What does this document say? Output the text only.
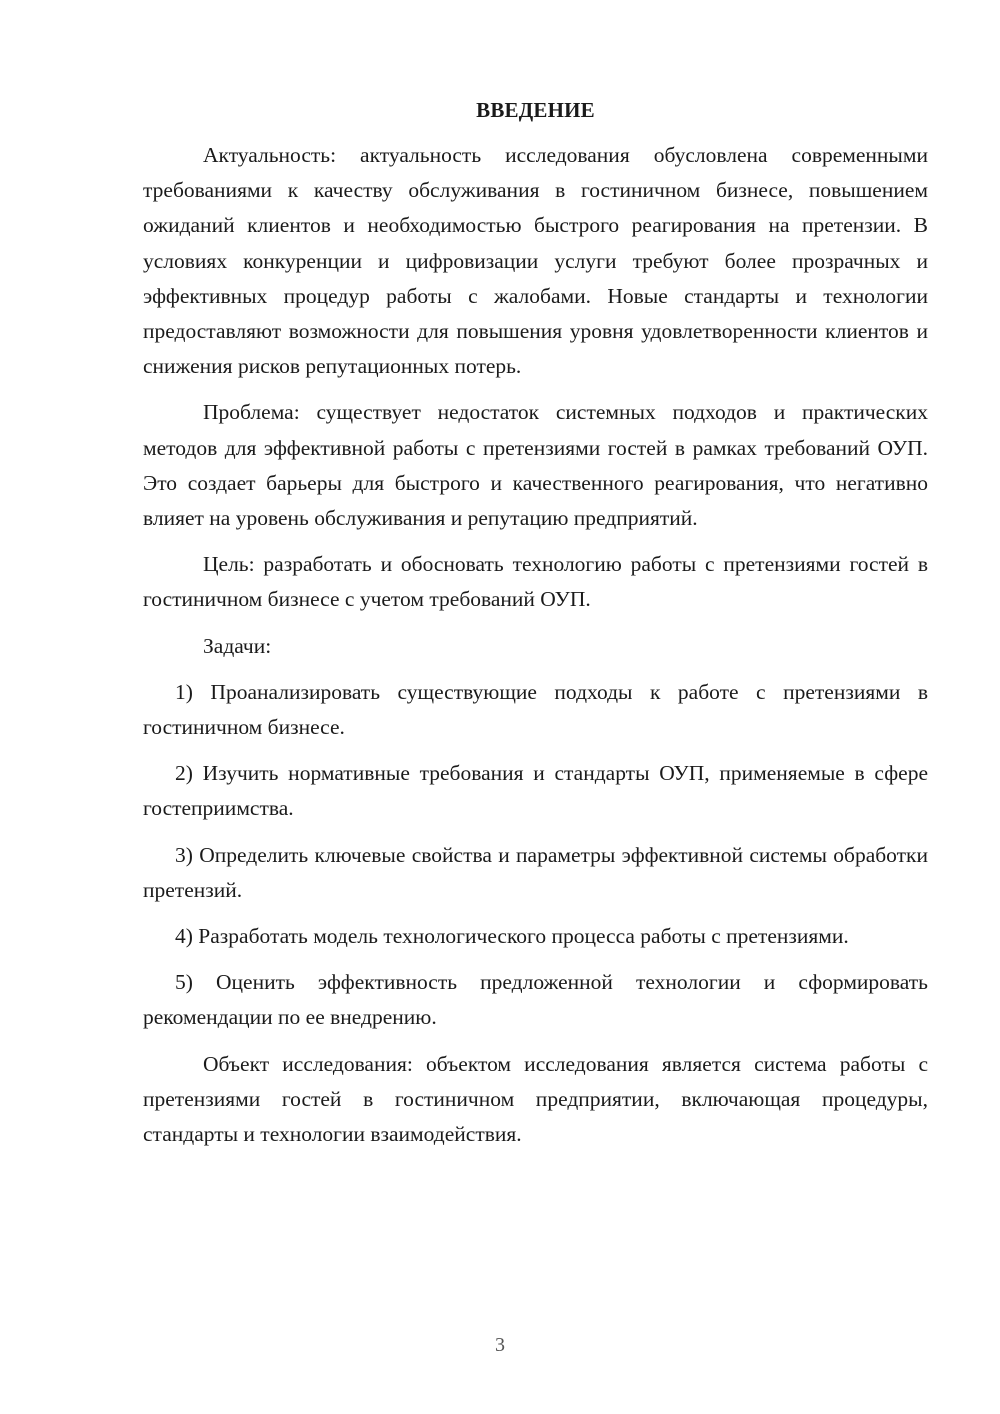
ВВЕДЕНИЕ

Актуальность: актуальность исследования обусловлена современными требованиями к качеству обслуживания в гостиничном бизнесе, повышением ожиданий клиентов и необходимостью быстрого реагирования на претензии. В условиях конкуренции и цифровизации услуги требуют более прозрачных и эффективных процедур работы с жалобами. Новые стандарты и технологии предоставляют возможности для повышения уровня удовлетворенности клиентов и снижения рисков репутационных потерь.

Проблема: существует недостаток системных подходов и практических методов для эффективной работы с претензиями гостей в рамках требований ОУП. Это создает барьеры для быстрого и качественного реагирования, что негативно влияет на уровень обслуживания и репутацию предприятий.

Цель: разработать и обосновать технологию работы с претензиями гостей в гостиничном бизнесе с учетом требований ОУП.

Задачи:

1) Проанализировать существующие подходы к работе с претензиями в гостиничном бизнесе.

2) Изучить нормативные требования и стандарты ОУП, применяемые в сфере гостеприимства.

3) Определить ключевые свойства и параметры эффективной системы обработки претензий.

4) Разработать модель технологического процесса работы с претензиями.

5) Оценить эффективность предложенной технологии и сформировать рекомендации по ее внедрению.

Объект исследования: объектом исследования является система работы с претензиями гостей в гостиничном предприятии, включающая процедуры, стандарты и технологии взаимодействия.

3
